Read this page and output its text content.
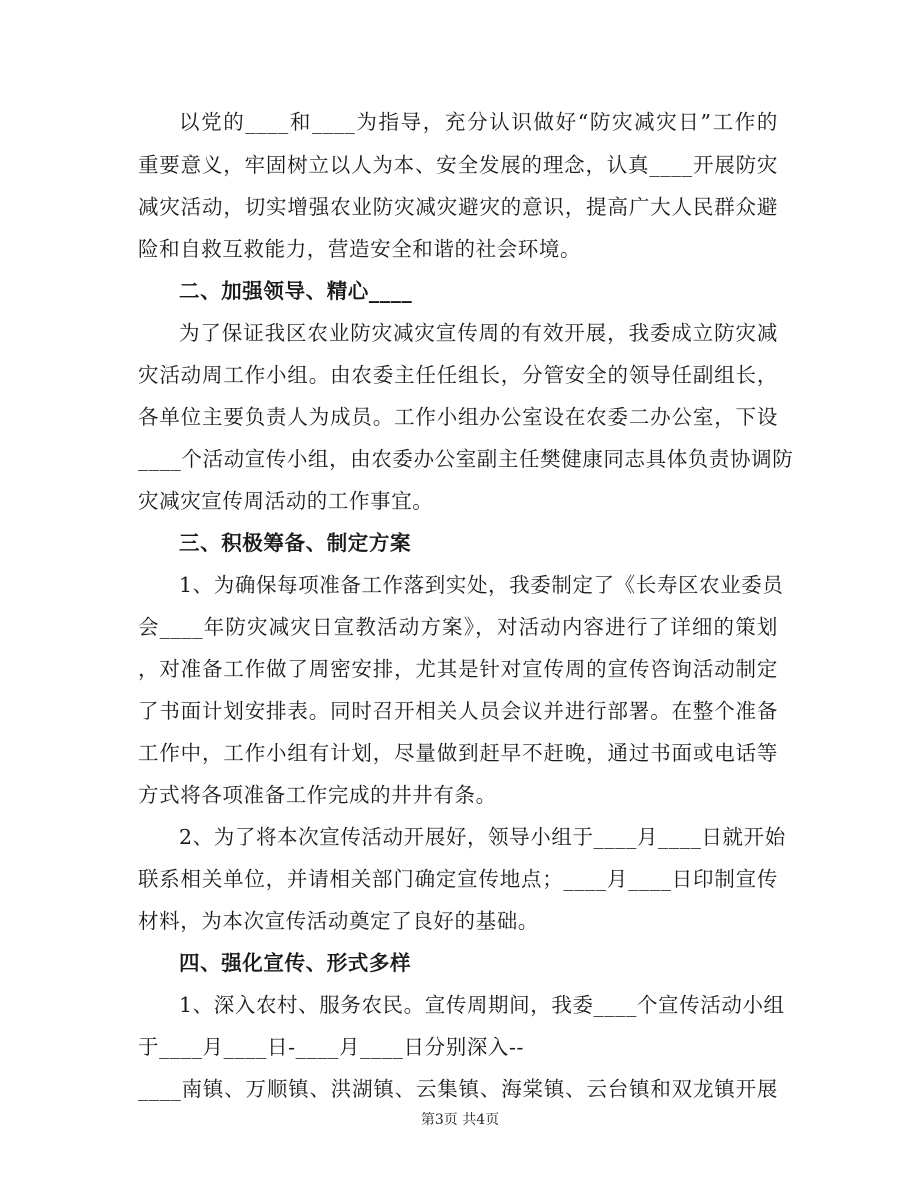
以党的____和____为指导，充分认识做好“防灾减灾日”工作的
重要意义，牢固树立以人为本、安全发展的理念，认真____开展防灾
减灾活动，切实增强农业防灾减灾避灾的意识，提高广大人民群众避
险和自救互救能力，营造安全和谐的社会环境。
二、加强领导、精心____
为了保证我区农业防灾减灾宣传周的有效开展，我委成立防灾减
灾活动周工作小组。由农委主任任组长，分管安全的领导任副组长，
各单位主要负责人为成员。工作小组办公室设在农委二办公室，下设
____个活动宣传小组，由农委办公室副主任樊健康同志具体负责协调防
灾减灾宣传周活动的工作事宜。
三、积极筹备、制定方案
1、为确保每项准备工作落到实处，我委制定了《长寿区农业委员
会____年防灾减灾日宣教活动方案》，对活动内容进行了详细的策划
，对准备工作做了周密安排，尤其是针对宣传周的宣传咨询活动制定
了书面计划安排表。同时召开相关人员会议并进行部署。在整个准备
工作中，工作小组有计划，尽量做到赶早不赶晚，通过书面或电话等
方式将各项准备工作完成的井井有条。
2、为了将本次宣传活动开展好，领导小组于____月____日就开始
联系相关单位，并请相关部门确定宣传地点；____月____日印制宣传
材料，为本次宣传活动奠定了良好的基础。
四、强化宣传、形式多样
1、深入农村、服务农民。宣传周期间，我委____个宣传活动小组
于____月____日-____月____日分别深入--
____南镇、万顺镇、洪湖镇、云集镇、海棠镇、云台镇和双龙镇开展
第3页 共4页
